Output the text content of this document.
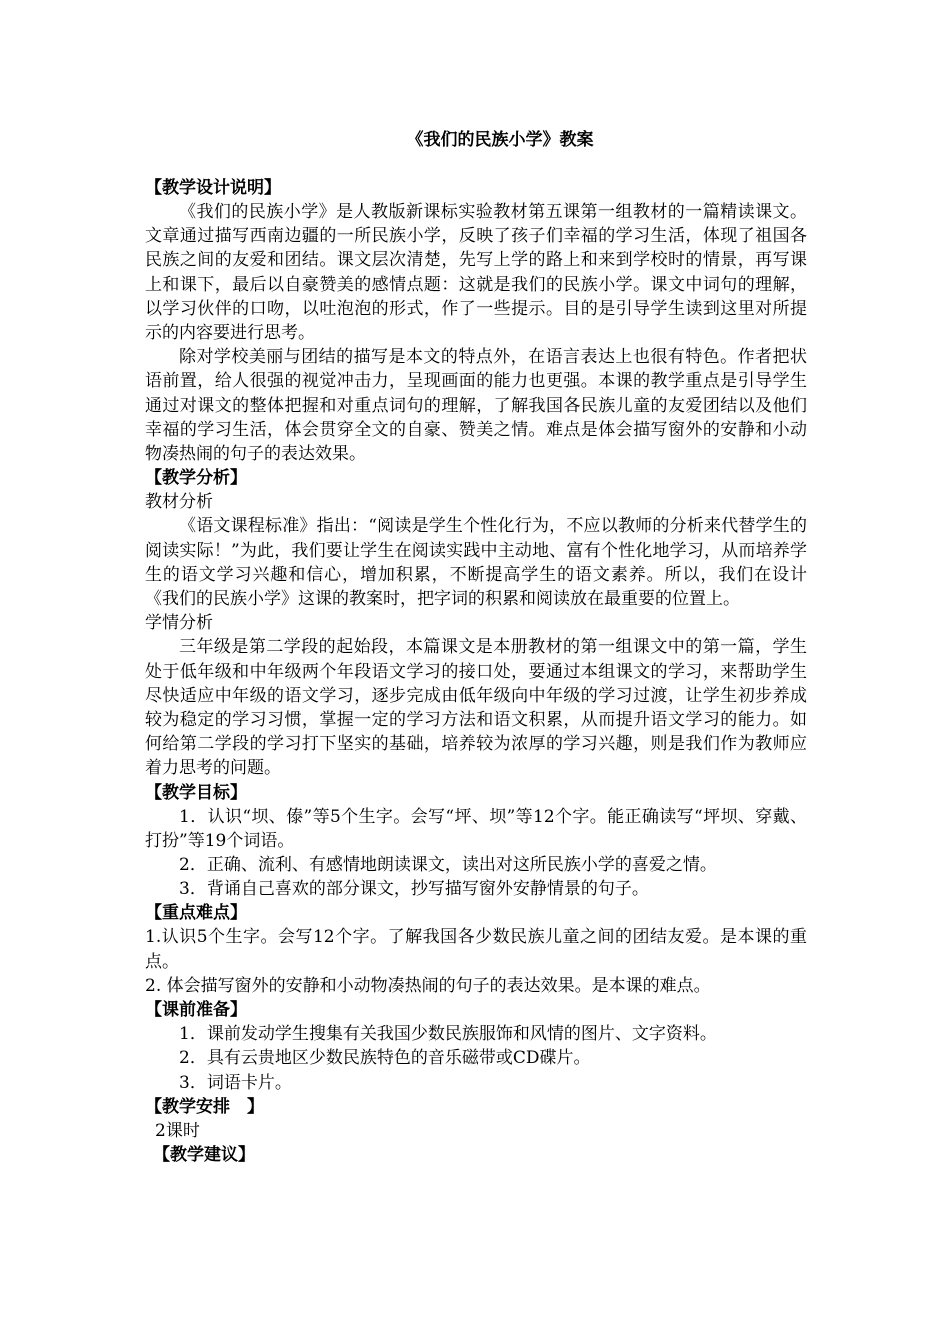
《我们的民族小学》教案
【教学设计说明】
《我们的民族小学》是人教版新课标实验教材第五课第一组教材的一篇精读课文。文章通过描写西南边疆的一所民族小学，反映了孩子们幸福的学习生活，体现了祖国各民族之间的友爱和团结。课文层次清楚，先写上学的路上和来到学校时的情景，再写课上和课下，最后以自豪赞美的感情点题：这就是我们的民族小学。课文中词句的理解，以学习伙伴的口吻，以吐泡泡的形式，作了一些提示。目的是引导学生读到这里对所提示的内容要进行思考。
除对学校美丽与团结的描写是本文的特点外，在语言表达上也很有特色。作者把状语前置，给人很强的视觉冲击力，呈现画面的能力也更强。本课的教学重点是引导学生通过对课文的整体把握和对重点词句的理解，了解我国各民族儿童的友爱团结以及他们幸福的学习生活，体会贯穿全文的自豪、赞美之情。难点是体会描写窗外的安静和小动物凑热闹的句子的表达效果。
【教学分析】
教材分析
《语文课程标准》指出：“阅读是学生个性化行为，不应以教师的分析来代替学生的阅读实际！”为此，我们要让学生在阅读实践中主动地、富有个性化地学习，从而培养学生的语文学习兴趣和信心，增加积累，不断提高学生的语文素养。所以，我们在设计《我们的民族小学》这课的教案时，把字词的积累和阅读放在最重要的位置上。
学情分析
三年级是第二学段的起始段，本篇课文是本册教材的第一组课文中的第一篇，学生处于低年级和中年级两个年段语文学习的接口处，要通过本组课文的学习，来帮助学生尽快适应中年级的语文学习，逐步完成由低年级向中年级的学习过渡，让学生初步养成较为稳定的学习习惯，掌握一定的学习方法和语文积累，从而提升语文学习的能力。如何给第二学段的学习打下坚实的基础，培养较为浓厚的学习兴趣，则是我们作为教师应着力思考的问题。
【教学目标】
1．认识“坝、傣”等5个生字。会写“坪、坝”等12个字。能正确读写“坪坝、穿戴、打扮”等19个词语。
2．正确、流利、有感情地朗读课文，读出对这所民族小学的喜爱之情。
3．背诵自己喜欢的部分课文，抄写描写窗外安静情景的句子。
【重点难点】
1.认识5个生字。会写12个字。了解我国各少数民族儿童之间的团结友爱。是本课的重点。
2. 体会描写窗外的安静和小动物凑热闹的句子的表达效果。是本课的难点。
【课前准备】
1．课前发动学生搜集有关我国少数民族服饰和风情的图片、文字资料。
2．具有云贵地区少数民族特色的音乐磁带或CD碟片。
3．词语卡片。
【教学安排　】
2课时
【教学建议】
